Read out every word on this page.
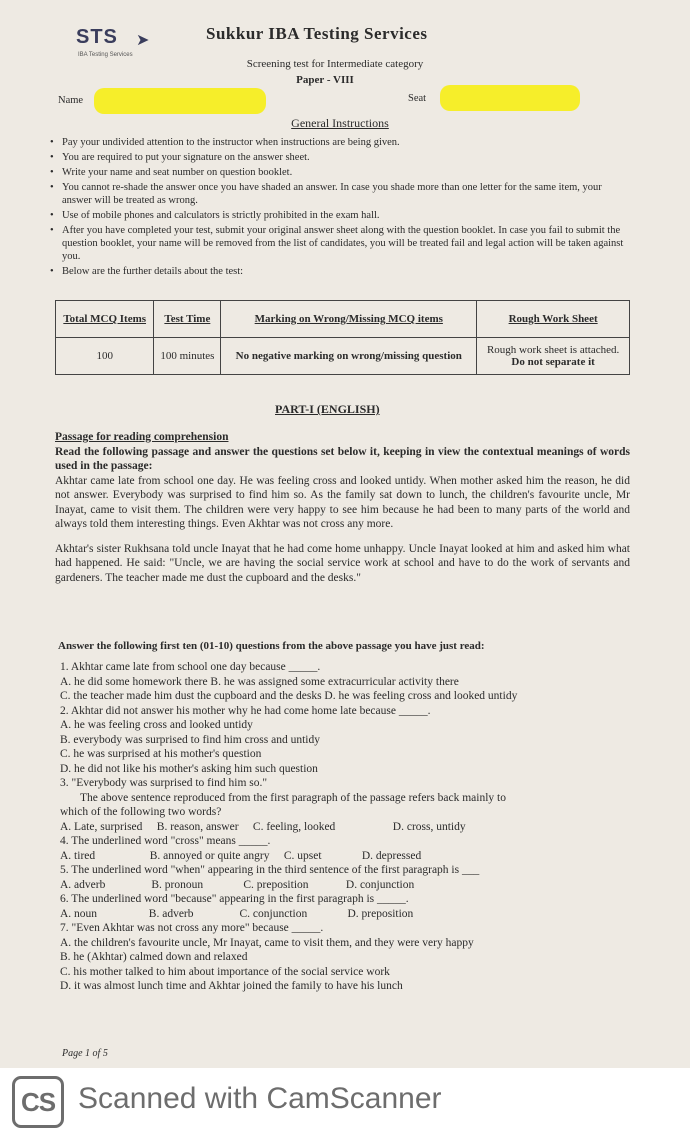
STS ➤
IBA Testing Services
Sukkur IBA Testing Services
Screening test for Intermediate category
Paper - VIII
Name	Seat
General Instructions
• Pay your undivided attention to the instructor when instructions are being given.
• You are required to put your signature on the answer sheet.
• Write your name and seat number on question booklet.
• You cannot re-shade the answer once you have shaded an answer. In case you shade more than one letter for the same item, your answer will be treated as wrong.
• Use of mobile phones and calculators is strictly prohibited in the exam hall.
• After you have completed your test, submit your original answer sheet along with the question booklet. In case you fail to submit the question booklet, your name will be removed from the list of candidates, you will be treated fail and legal action will be taken against you.
• Below are the further details about the test:
Total MCQ Items	Test Time	Marking on Wrong/Missing MCQ items	Rough Work Sheet
100	100 minutes	No negative marking on wrong/missing question	Rough work sheet is attached.
Do not separate it
PART-I (ENGLISH)
Passage for reading comprehension
Read the following passage and answer the questions set below it, keeping in view the contextual meanings of words used in the passage:
Akhtar came late from school one day. He was feeling cross and looked untidy. When mother asked him the reason, he did not answer. Everybody was surprised to find him so. As the family sat down to lunch, the children's favourite uncle, Mr Inayat, came to visit them. The children were very happy to see him because he had been to many parts of the world and always told them interesting things. Even Akhtar was not cross any more.
Akhtar's sister Rukhsana told uncle Inayat that he had come home unhappy. Uncle Inayat looked at him and asked him what had happened. He said: "Uncle, we are having the social service work at school and have to do the work of servants and gardeners. The teacher made me dust the cupboard and the desks."
Answer the following first ten (01-10) questions from the above passage you have just read:
1. Akhtar came late from school one day because _____.
A. he did some homework there B. he was assigned some extracurricular activity there
C. the teacher made him dust the cupboard and the desks D. he was feeling cross and looked untidy
2. Akhtar did not answer his mother why he had come home late because _____.
A. he was feeling cross and looked untidy
B. everybody was surprised to find him cross and untidy
C. he was surprised at his mother's question
D. he did not like his mother's asking him such question
3. "Everybody was surprised to find him so."
The above sentence reproduced from the first paragraph of the passage refers back mainly to
which of the following two words?
A. Late, surprised     B. reason, answer     C. feeling, looked                    D. cross, untidy
4. The underlined word "cross" means _____.
A. tired                   B. annoyed or quite angry     C. upset              D. depressed
5. The underlined word "when" appearing in the third sentence of the first paragraph is ___
A. adverb                B. pronoun              C. preposition             D. conjunction
6. The underlined word "because" appearing in the first paragraph is _____.
A. noun                  B. adverb                C. conjunction              D. preposition
7. "Even Akhtar was not cross any more" because _____.
A. the children's favourite uncle, Mr Inayat, came to visit them, and they were very happy
B. he (Akhtar) calmed down and relaxed
C. his mother talked to him about importance of the social service work
D. it was almost lunch time and Akhtar joined the family to have his lunch
Page 1 of 5
CS Scanned with CamScanner
